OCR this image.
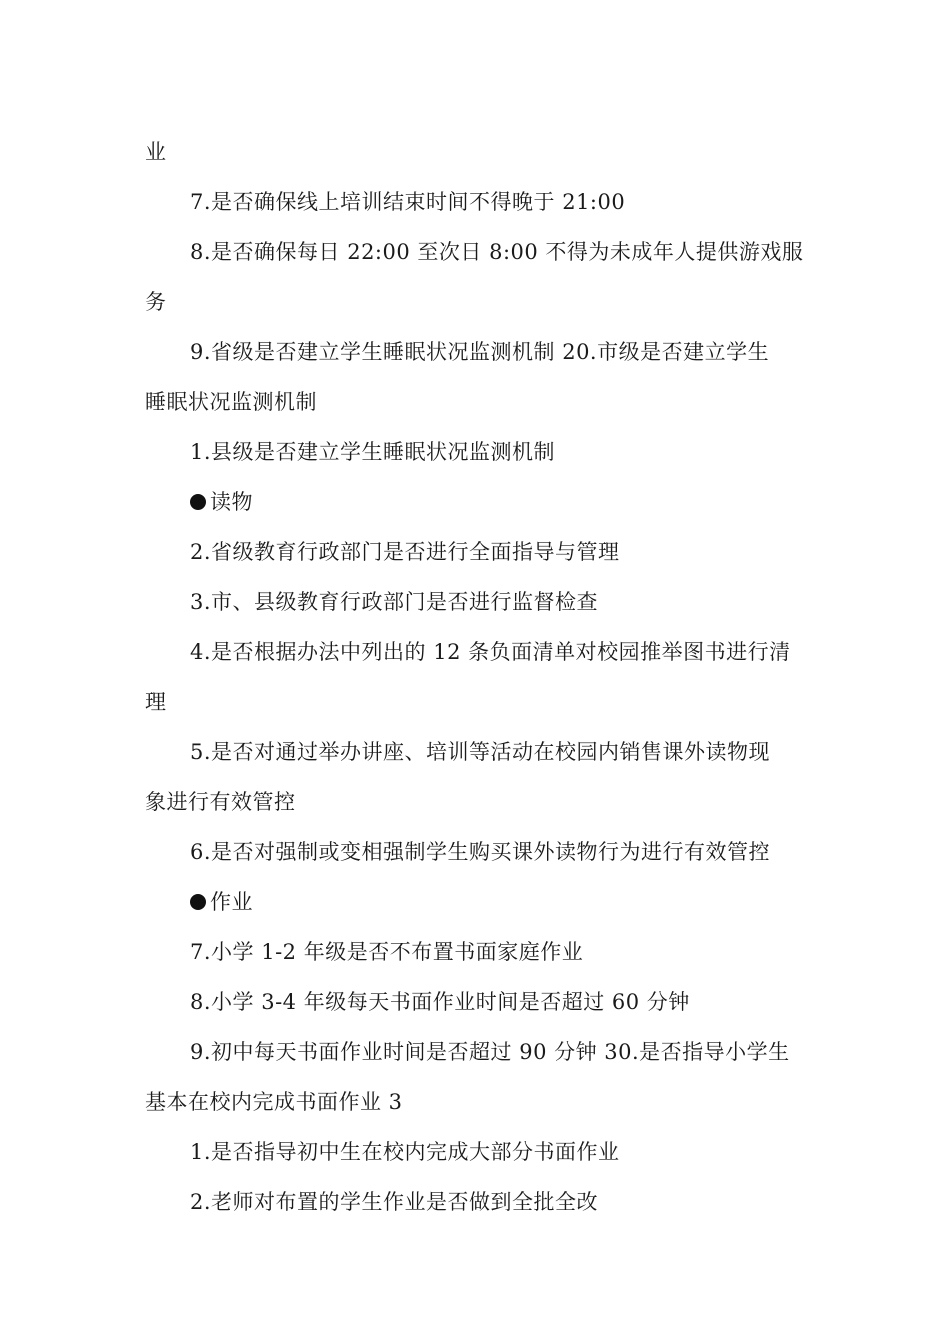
业
7.是否确保线上培训结束时间不得晚于 21:00
8.是否确保每日 22:00 至次日 8:00 不得为未成年人提供游戏服
务
9.省级是否建立学生睡眠状况监测机制 20.市级是否建立学生
睡眠状况监测机制
1.县级是否建立学生睡眠状况监测机制
读物
2.省级教育行政部门是否进行全面指导与管理
3.市、县级教育行政部门是否进行监督检查
4.是否根据办法中列出的 12 条负面清单对校园推举图书进行清
理
5.是否对通过举办讲座、培训等活动在校园内销售课外读物现
象进行有效管控
6.是否对强制或变相强制学生购买课外读物行为进行有效管控
作业
7.小学 1-2 年级是否不布置书面家庭作业
8.小学 3-4 年级每天书面作业时间是否超过 60 分钟
9.初中每天书面作业时间是否超过 90 分钟 30.是否指导小学生
基本在校内完成书面作业 3
1.是否指导初中生在校内完成大部分书面作业
2.老师对布置的学生作业是否做到全批全改
